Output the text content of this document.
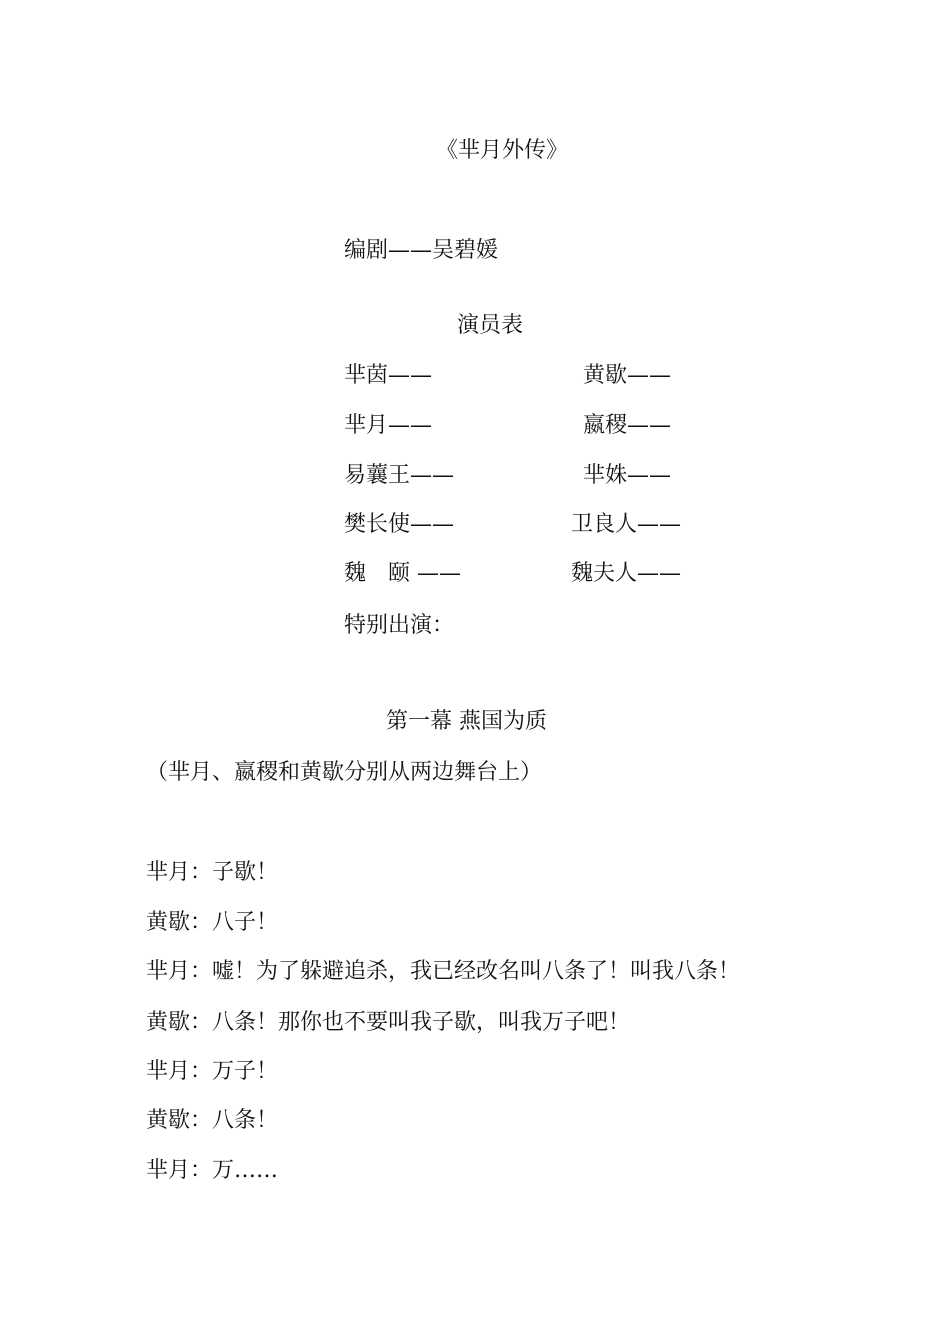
《芈月外传》
编剧——吴碧媛
演员表
芈茵——	黄歇——
芈月——	嬴稷——
易蘘王——	芈姝——
樊长使——	卫良人——
魏　颐 ——	魏夫人——
特别出演：
第一幕 燕国为质
（芈月、嬴稷和黄歇分别从两边舞台上）
芈月：子歇！
黄歇：八子！
芈月：嘘！为了躲避追杀，我已经改名叫八条了！叫我八条！
黄歇：八条！那你也不要叫我子歇，叫我万子吧！
芈月：万子！
黄歇：八条！
芈月：万……
